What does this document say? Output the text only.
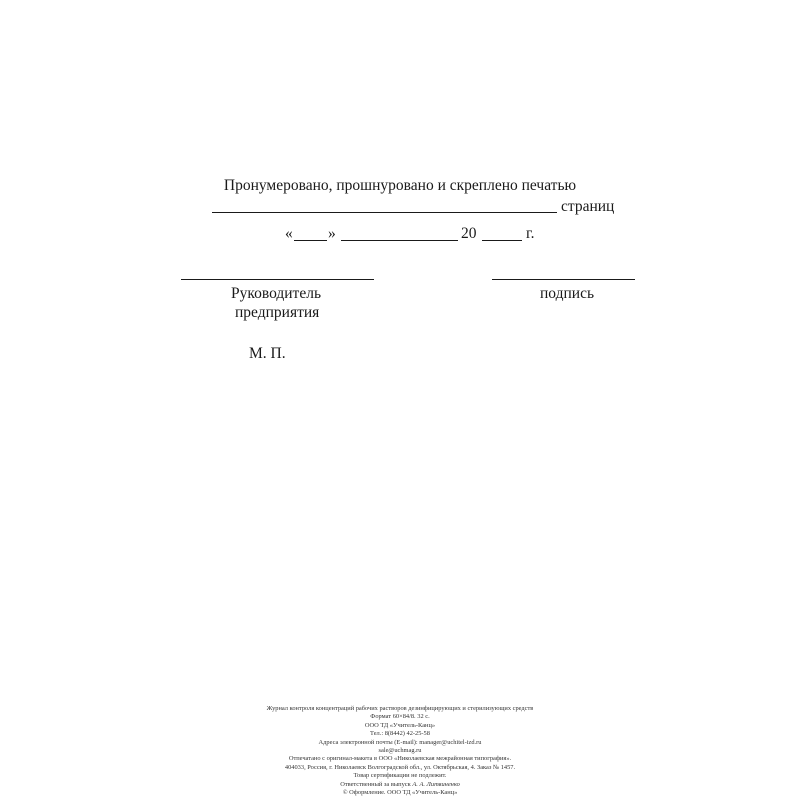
Пронумеровано, прошнуровано и скреплено печатью
страниц
« »	20	г.
Руководитель
предприятия
подпись
М. П.
Журнал контроля концентраций рабочих растворов дезинфицирующих и стерилизующих средств
Формат 60×84/8. 32 с.
ООО ТД «Учитель-Канц»
Тел.: 8(8442) 42-25-58
Адреса электронной почты (E-mail): manager@uchitel-izd.ru
sale@uchmag.ru
Отпечатано с оригинал-макета в ООО «Николаевская межрайонная типография».
404033, Россия, г. Николаевск Волгоградской обл., ул. Октябрьская, 4. Заказ № 1457.
Товар сертификации не подлежит.
Ответственный за выпуск А. А. Литвиненко
© Оформление. ООО ТД «Учитель-Канц»
